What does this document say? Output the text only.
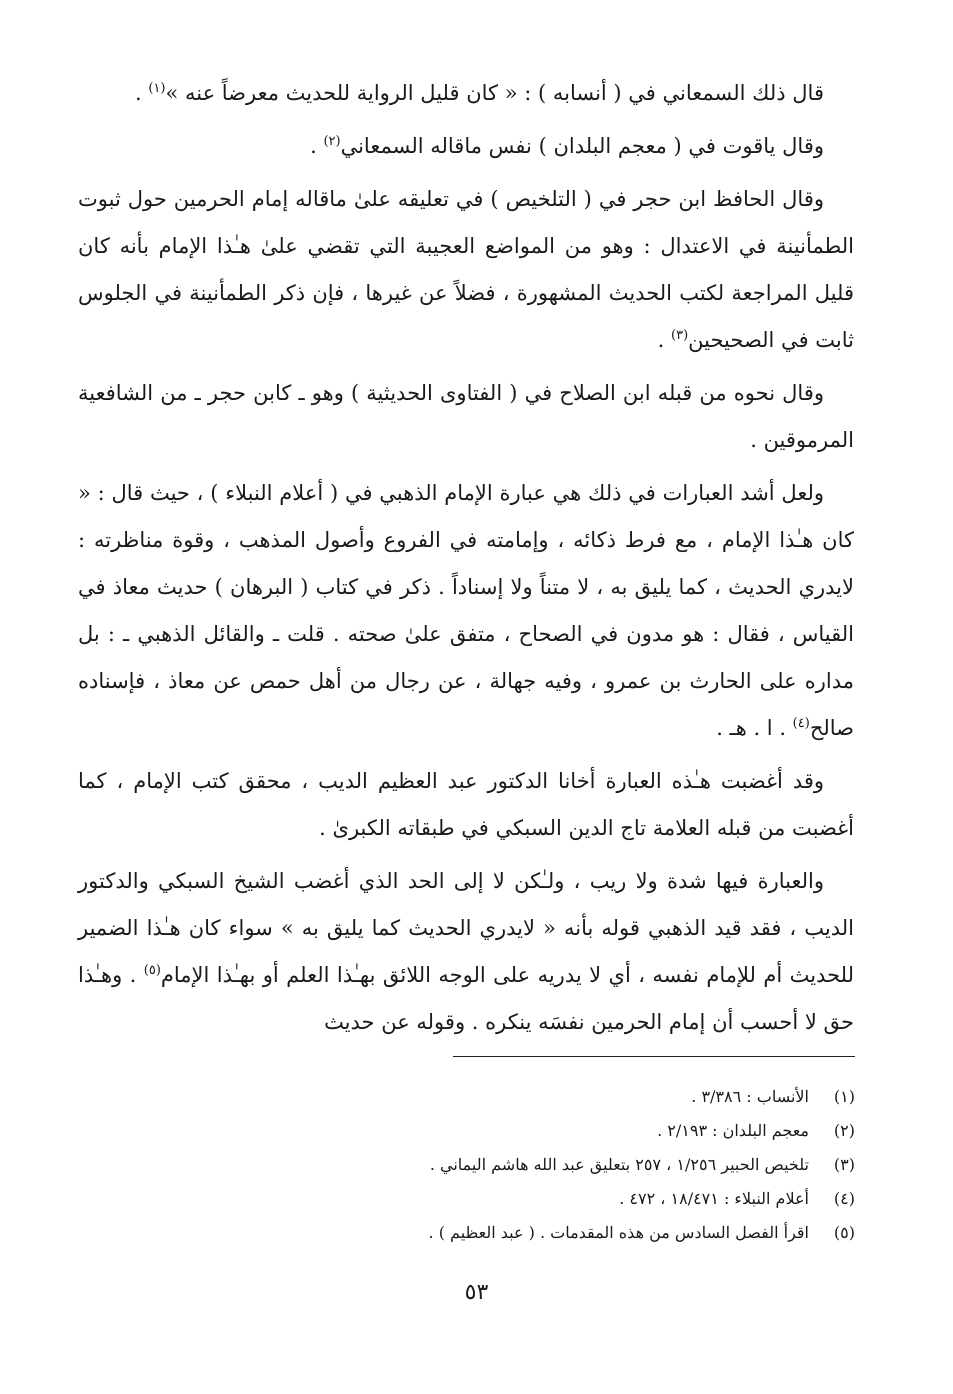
قال ذلك السمعاني في ( أنسابه ) : « كان قليل الرواية للحديث معرضاً عنه »$^{(١)}$ .

وقال ياقوت في ( معجم البلدان ) نفس ماقاله السمعاني$^{(٢)}$ .

وقال الحافظ ابن حجر في ( التلخيص ) في تعليقه علىٰ ماقاله إمام الحرمين حول ثبوت الطمأنينة في الاعتدال : وهو من المواضع العجيبة التي تقضي علىٰ هـٰذا الإمام بأنه كان قليل المراجعة لكتب الحديث المشهورة ، فضلاً عن غيرها ، فإن ذكر الطمأنينة في الجلوس ثابت في الصحيحين$^{(٣)}$ .

وقال نحوه من قبله ابن الصلاح في ( الفتاوى الحديثية ) وهو ـ كابن حجر ـ من الشافعية المرموقين .

ولعل أشد العبارات في ذلك هي عبارة الإمام الذهبي في ( أعلام النبلاء ) ، حيث قال : « كان هـٰذا الإمام ، مع فرط ذكائه ، وإمامته في الفروع وأصول المذهب ، وقوة مناظرته : لايدري الحديث ، كما يليق به ، لا متناً ولا إسناداً . ذكر في كتاب ( البرهان ) حديث معاذ في القياس ، فقال : هو مدون في الصحاح ، متفق علىٰ صحته . قلت ـ والقائل الذهبي ـ : بل مداره على الحارث بن عمرو ، وفيه جهالة ، عن رجال من أهل حمص عن معاذ ، فإسناده صالح$^{(٤)}$ . ا . هـ .

وقد أغضبت هـٰذه العبارة أخانا الدكتور عبد العظيم الديب ، محقق كتب الإمام ، كما أغضبت من قبله العلامة تاج الدين السبكي في طبقاته الكبرىٰ .

والعبارة فيها شدة ولا ريب ، ولـٰكن لا إلى الحد الذي أغضب الشيخ السبكي والدكتور الديب ، فقد قيد الذهبي قوله بأنه « لايدري الحديث كما يليق به » سواء كان هـٰذا الضمير للحديث أم للإمام نفسه ، أي لا يدريه على الوجه اللائق بهـٰذا العلم أو بهـٰذا الإمام$^{(٥)}$ . وهـٰذا حق لا أحسب أن إمام الحرمين نفسَه ينكره . وقوله عن حديث

(١)الأنساب : ٣/٣٨٦ .
(٢)معجم البلدان : ٢/١٩٣ .
(٣)تلخيص الحبير ١/٢٥٦ ، ٢٥٧ بتعليق عبد الله هاشم اليماني .
(٤)أعلام النبلاء : ١٨/٤٧١ ، ٤٧٢ .
(٥)اقرأ الفصل السادس من هذه المقدمات . ( عبد العظيم ) .
٥٣
